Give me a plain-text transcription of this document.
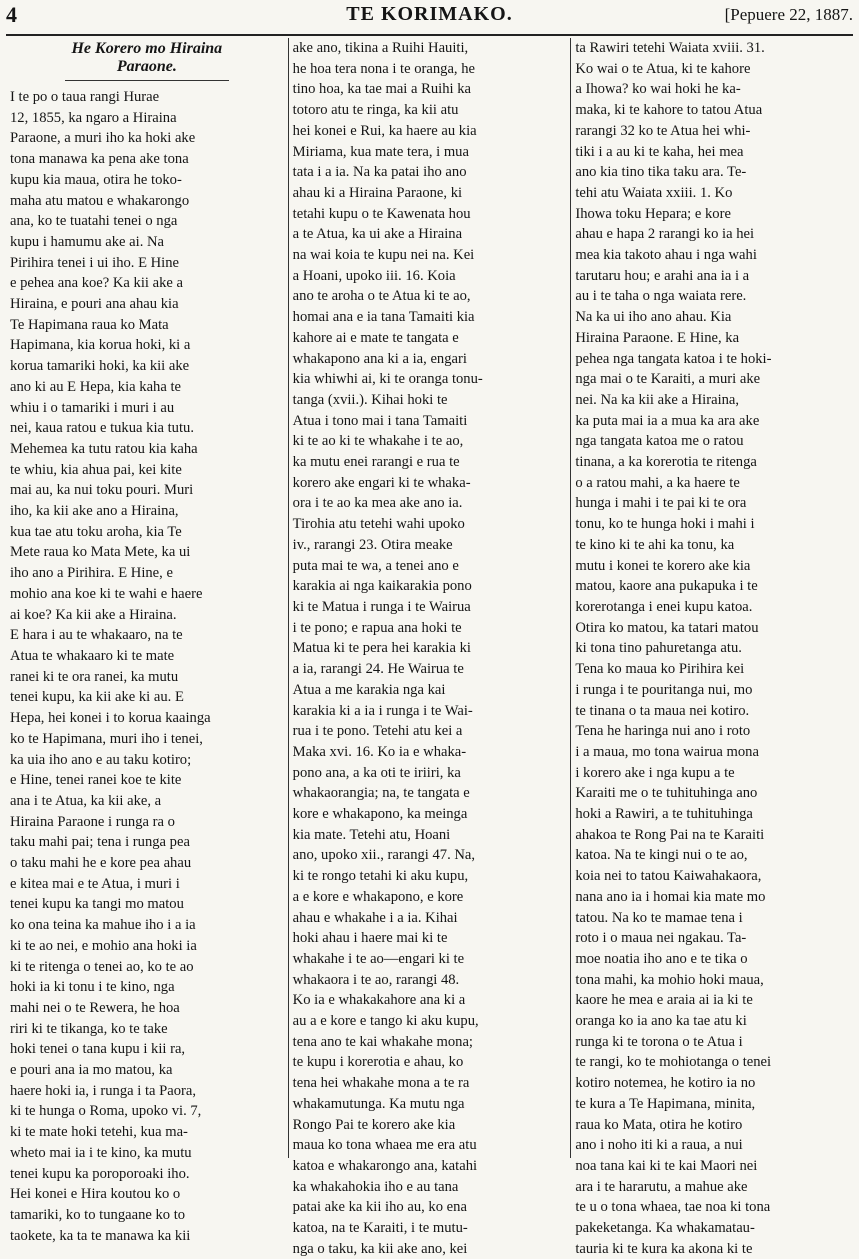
4	TE KORIMAKO.	[Pepuere 22, 1887.
He Korero mo Hiraina
Paraone.

I te po o taua rangi Hurae
12, 1855, ka ngaro a Hiraina
Paraone, a muri iho ka hoki ake
tona manawa ka pena ake tona
kupu kia maua, otira he toko-
maha atu matou e whakarongo
ana, ko te tuatahi tenei o nga
kupu i hamumu ake ai. Na
Pirihira tenei i ui iho. E Hine
e pehea ana koe? Ka kii ake a
Hiraina, e pouri ana ahau kia
Te Hapimana raua ko Mata
Hapimana, kia korua hoki, ki a
korua tamariki hoki, ka kii ake
ano ki au E Hepa, kia kaha te
whiu i o tamariki i muri i au
nei, kaua ratou e tukua kia tutu.
Mehemea ka tutu ratou kia kaha
te whiu, kia ahua pai, kei kite
mai au, ka nui toku pouri. Muri
iho, ka kii ake ano a Hiraina,
kua tae atu toku aroha, kia Te
Mete raua ko Mata Mete, ka ui
iho ano a Pirihira. E Hine, e
mohio ana koe ki te wahi e haere
ai koe? Ka kii ake a Hiraina.
E hara i au te whakaaro, na te
Atua te whakaaro ki te mate
ranei ki te ora ranei, ka mutu
tenei kupu, ka kii ake ki au. E
Hepa, hei konei i to korua kaainga
ko te Hapimana, muri iho i tenei,
ka uia iho ano e au taku kotiro;
e Hine, tenei ranei koe te kite
ana i te Atua, ka kii ake, a
Hiraina Paraone i runga ra o
taku mahi pai; tena i runga pea
o taku mahi he e kore pea ahau
e kitea mai e te Atua, i muri i
tenei kupu ka tangi mo matou
ko ona teina ka mahue iho i a ia
ki te ao nei, e mohio ana hoki ia
ki te ritenga o tenei ao, ko te ao
hoki ia ki tonu i te kino, nga
mahi nei o te Rewera, he hoa
riri ki te tikanga, ko te take
hoki tenei o tana kupu i kii ra,
e pouri ana ia mo matou, ka
haere hoki ia, i runga i ta Paora,
ki te hunga o Roma, upoko vi. 7,
ki te mate hoki tetehi, kua ma-
wheto mai ia i te kino, ka mutu
tenei kupu ka poroporoaki iho.
Hei konei e Hira koutou ko o
tamariki, ko to tungaane ko to
taokete, ka ta te manawa ka kii

ake ano, tikina a Ruihi Hauiti,
he hoa tera nona i te oranga, he
tino hoa, ka tae mai a Ruihi ka
totoro atu te ringa, ka kii atu
hei konei e Rui, ka haere au kia
Miriama, kua mate tera, i mua
tata i a ia. Na ka patai iho ano
ahau ki a Hiraina Paraone, ki
tetahi kupu o te Kawenata hou
a te Atua, ka ui ake a Hiraina
na wai koia te kupu nei na. Kei
a Hoani, upoko iii. 16. Koia
ano te aroha o te Atua ki te ao,
homai ana e ia tana Tamaiti kia
kahore ai e mate te tangata e
whakapono ana ki a ia, engari
kia whiwhi ai, ki te oranga tonu-
tanga (xvii.). Kihai hoki te
Atua i tono mai i tana Tamaiti
ki te ao ki te whakahe i te ao,
ka mutu enei rarangi e rua te
korero ake engari ki te whaka-
ora i te ao ka mea ake ano ia.
Tirohia atu tetehi wahi upoko
iv., rarangi 23. Otira meake
puta mai te wa, a tenei ano e
karakia ai nga kaikarakia pono
ki te Matua i runga i te Wairua
i te pono; e rapua ana hoki te
Matua ki te pera hei karakia ki
a ia, rarangi 24. He Wairua te
Atua a me karakia nga kai
karakia ki a ia i runga i te Wai-
rua i te pono. Tetehi atu kei a
Maka xvi. 16. Ko ia e whaka-
pono ana, a ka oti te iriiri, ka
whakaorangia; na, te tangata e
kore e whakapono, ka meinga
kia mate. Tetehi atu, Hoani
ano, upoko xii., rarangi 47. Na,
ki te rongo tetahi ki aku kupu,
a e kore e whakapono, e kore
ahau e whakahe i a ia. Kihai
hoki ahau i haere mai ki te
whakahe i te ao—engari ki te
whakaora i te ao, rarangi 48.
Ko ia e whakakahore ana ki a
au a e kore e tango ki aku kupu,
tena ano te kai whakahe mona;
te kupu i korerotia e ahau, ko
tena hei whakahe mona a te ra
whakamutunga. Ka mutu nga
Rongo Pai te korero ake kia
maua ko tona whaea me era atu
katoa e whakarongo ana, katahi
ka whakahokia iho e au tana
patai ake ka kii iho au, ko ena
katoa, na te Karaiti, i te mutu-
nga o taku, ka kii ake ano, kei

ta Rawiri tetehi Waiata xviii. 31.
Ko wai o te Atua, ki te kahore
a Ihowa? ko wai hoki he ka-
maka, ki te kahore to tatou Atua
rarangi 32 ko te Atua hei whi-
tiki i a au ki te kaha, hei mea
ano kia tino tika taku ara. Te-
tehi atu Waiata xxiii. 1. Ko
Ihowa toku Hepara; e kore
ahau e hapa 2 rarangi ko ia hei
mea kia takoto ahau i nga wahi
tarutaru hou; e arahi ana ia i a
au i te taha o nga waiata rere.
Na ka ui iho ano ahau. Kia
Hiraina Paraone. E Hine, ka
pehea nga tangata katoa i te hoki-
nga mai o te Karaiti, a muri ake
nei. Na ka kii ake a Hiraina,
ka puta mai ia a mua ka ara ake
nga tangata katoa me o ratou
tinana, a ka korerotia te ritenga
o a ratou mahi, a ka haere te
hunga i mahi i te pai ki te ora
tonu, ko te hunga hoki i mahi i
te kino ki te ahi ka tonu, ka
mutu i konei te korero ake kia
matou, kaore ana pukapuka i te
korerotanga i enei kupu katoa.
Otira ko matou, ka tatari matou
ki tona tino pahuretanga atu.
Tena ko maua ko Pirihira kei
i runga i te pouritanga nui, mo
te tinana o ta maua nei kotiro.
Tena he haringa nui ano i roto
i a maua, mo tona wairua mona
i korero ake i nga kupu a te
Karaiti me o te tuhituhinga ano
hoki a Rawiri, a te tuhituhinga
ahakoa te Rong Pai na te Karaiti
katoa. Na te kingi nui o te ao,
koia nei to tatou Kaiwahakaora,
nana ano ia i homai kia mate mo
tatou. Na ko te mamae tena i
roto i o maua nei ngakau. Ta-
moe noatia iho ano e te tika o
tona mahi, ka mohio hoki maua,
kaore he mea e araia ai ia ki te
oranga ko ia ano ka tae atu ki
runga ki te torona o te Atua i
te rangi, ko te mohiotanga o tenei
kotiro notemea, he kotiro ia no
te kura a Te Hapimana, minita,
raua ko Mata, otira he kotiro
ano i noho iti ki a raua, a nui
noa tana kai ki te kai Maori nei
ara i te hararutu, a mahue ake
te u o tona whaea, tae noa ki tona
pakeketanga. Ka whakamatau-
tauria ki te kura ka akona ki te
